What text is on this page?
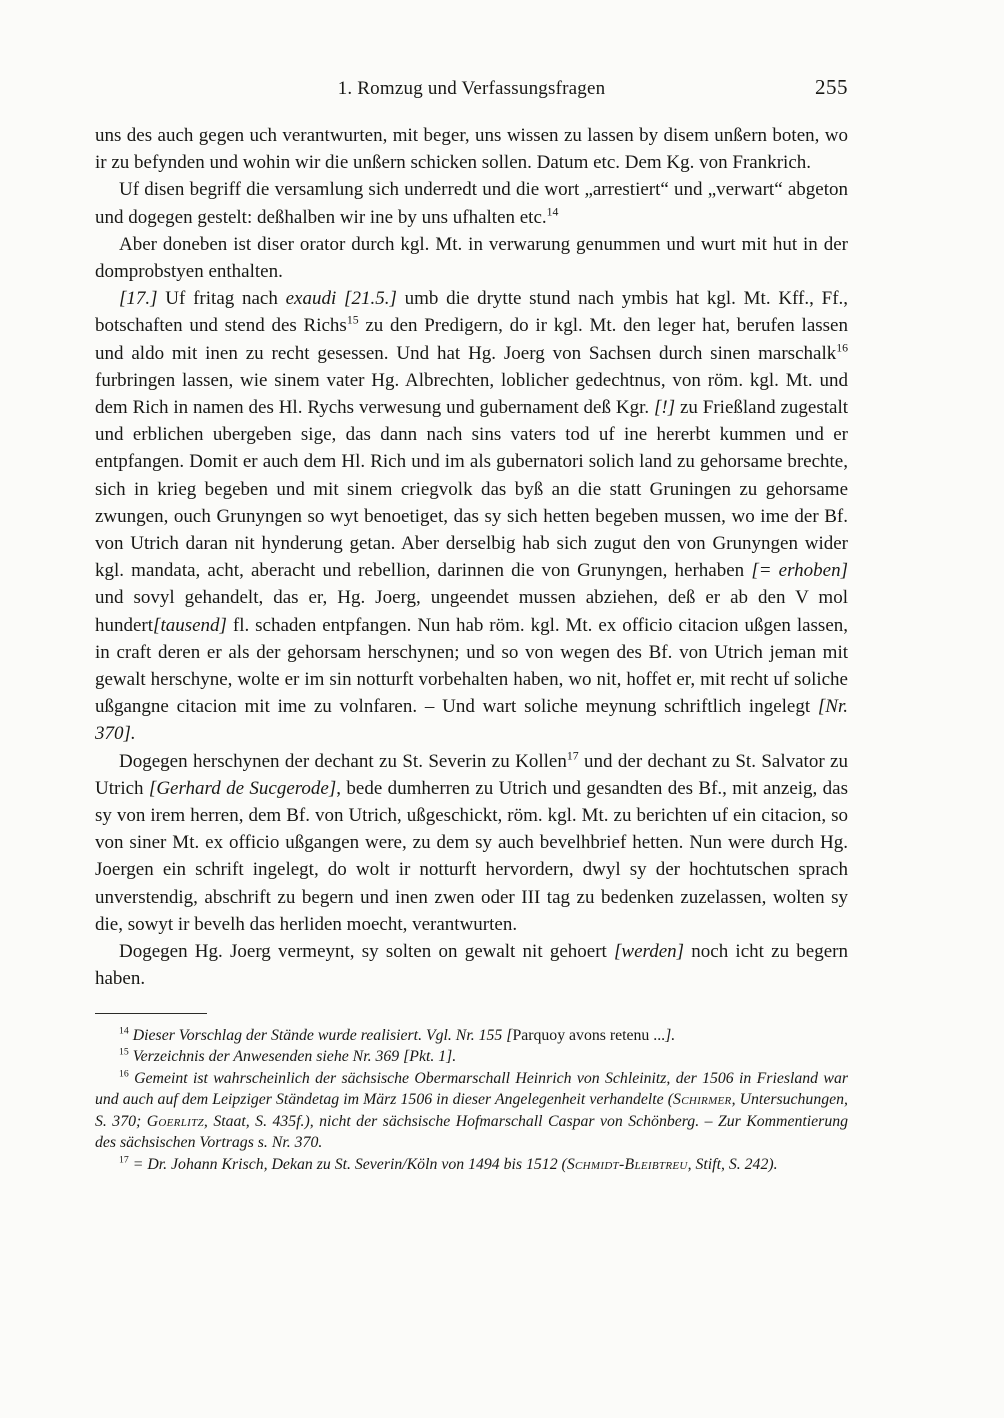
1. Romzug und Verfassungsfragen	255

uns des auch gegen uch verantwurten, mit beger, uns wissen zu lassen by disem unßern boten, wo ir zu befynden und wohin wir die unßern schicken sollen. Datum etc. Dem Kg. von Frankrich.

Uf disen begriff die versamlung sich underredt und die wort „arrestiert“ und „verwart“ abgeton und dogegen gestelt: deßhalben wir ine by uns ufhalten etc.$^{14}$

Aber doneben ist diser orator durch kgl. Mt. in verwarung genummen und wurt mit hut in der domprobstyen enthalten.

[17.] Uf fritag nach exaudi [21.5.] umb die drytte stund nach ymbis hat kgl. Mt. Kff., Ff., botschaften und stend des Richs$^{15}$ zu den Predigern, do ir kgl. Mt. den leger hat, berufen lassen und aldo mit inen zu recht gesessen. Und hat Hg. Joerg von Sachsen durch sinen marschalk$^{16}$ furbringen lassen, wie sinem vater Hg. Albrechten, loblicher gedechtnus, von röm. kgl. Mt. und dem Rich in namen des Hl. Rychs verwesung und gubernament deß Kgr. [!] zu Frießland zugestalt und erblichen ubergeben sige, das dann nach sins vaters tod uf ine hererbt kummen und er entpfangen. Domit er auch dem Hl. Rich und im als gubernatori solich land zu gehorsame brechte, sich in krieg begeben und mit sinem criegvolk das byß an die statt Gruningen zu gehorsame zwungen, ouch Grunyngen so wyt benoetiget, das sy sich hetten begeben mussen, wo ime der Bf. von Utrich daran nit hynderung getan. Aber derselbig hab sich zugut den von Grunyngen wider kgl. mandata, acht, aberacht und rebellion, darinnen die von Grunyngen, herhaben [= erhoben] und sovyl gehandelt, das er, Hg. Joerg, ungeendet mussen abziehen, deß er ab den V mol hundert[tausend] fl. schaden entpfangen. Nun hab röm. kgl. Mt. ex officio citacion ußgen lassen, in craft deren er als der gehorsam herschynen; und so von wegen des Bf. von Utrich jeman mit gewalt herschyne, wolte er im sin notturft vorbehalten haben, wo nit, hoffet er, mit recht uf soliche ußgangne citacion mit ime zu volnfaren. – Und wart soliche meynung schriftlich ingelegt [Nr. 370].

Dogegen herschynen der dechant zu St. Severin zu Kollen$^{17}$ und der dechant zu St. Salvator zu Utrich [Gerhard de Sucgerode], bede dumherren zu Utrich und gesandten des Bf., mit anzeig, das sy von irem herren, dem Bf. von Utrich, ußgeschickt, röm. kgl. Mt. zu berichten uf ein citacion, so von siner Mt. ex officio ußgangen were, zu dem sy auch bevelhbrief hetten. Nun were durch Hg. Joergen ein schrift ingelegt, do wolt ir notturft hervordern, dwyl sy der hochtutschen sprach unverstendig, abschrift zu begern und inen zwen oder III tag zu bedenken zuzelassen, wolten sy die, sowyt ir bevelh das herliden moecht, verantwurten.

Dogegen Hg. Joerg vermeynt, sy solten on gewalt nit gehoert [werden] noch icht zu begern haben.

$^{14}$ Dieser Vorschlag der Stände wurde realisiert. Vgl. Nr. 155 [Parquoy avons retenu ...].

$^{15}$ Verzeichnis der Anwesenden siehe Nr. 369 [Pkt. 1].

$^{16}$ Gemeint ist wahrscheinlich der sächsische Obermarschall Heinrich von Schleinitz, der 1506 in Friesland war und auch auf dem Leipziger Ständetag im März 1506 in dieser Angelegenheit verhandelte (Schirmer, Untersuchungen, S. 370; Goerlitz, Staat, S. 435f.), nicht der sächsische Hofmarschall Caspar von Schönberg. – Zur Kommentierung des sächsischen Vortrags s. Nr. 370.

$^{17}$ = Dr. Johann Krisch, Dekan zu St. Severin/Köln von 1494 bis 1512 (Schmidt-Bleibtreu, Stift, S. 242).
